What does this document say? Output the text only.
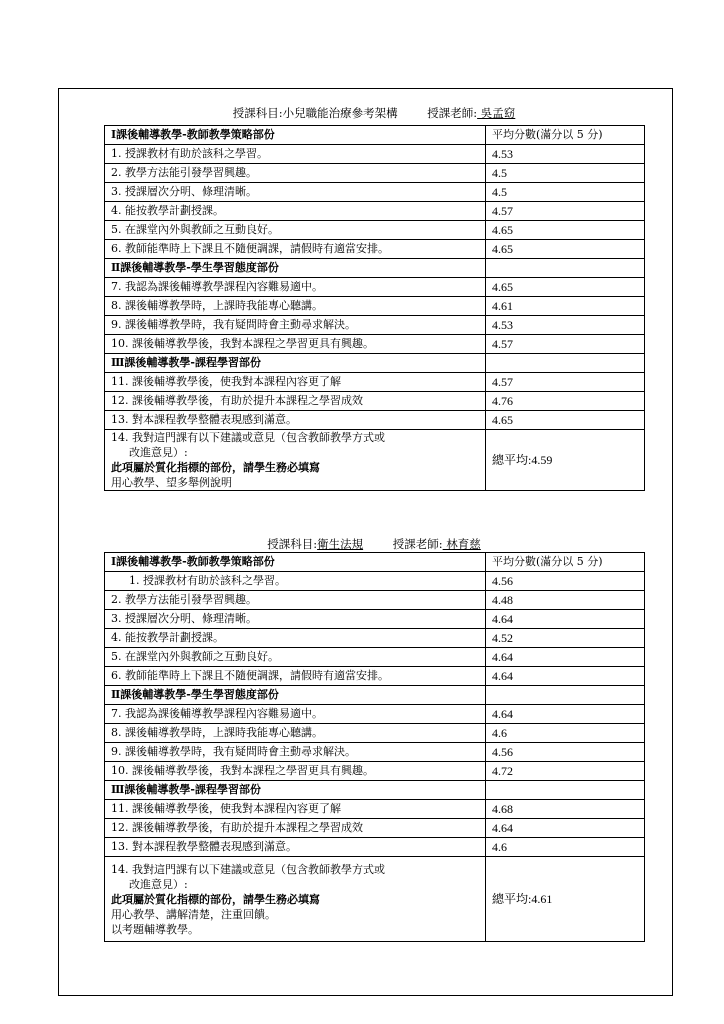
授課科目:小兒職能治療參考架構	授課老師: 吳孟窈
Ⅰ課後輔導教學-教師教學策略部份	平均分數(滿分以 5 分)
1. 授課教材有助於該科之學習。	4.53
2. 教學方法能引發學習興趣。	4.5
3. 授課層次分明、條理清晰。	4.5
4. 能按教學計劃授課。	4.57
5. 在課堂內外與教師之互動良好。	4.65
6. 教師能準時上下課且不隨便調課，請假時有適當安排。	4.65
Ⅱ課後輔導教學-學生學習態度部份	
7. 我認為課後輔導教學課程內容難易適中。	4.65
8. 課後輔導教學時，上課時我能專心聽講。	4.61
9. 課後輔導教學時，我有疑問時會主動尋求解決。	4.53
10. 課後輔導教學後，我對本課程之學習更具有興趣。	4.57
Ⅲ課後輔導教學-課程學習部份	
11. 課後輔導教學後，使我對本課程內容更了解	4.57
12. 課後輔導教學後，有助於提升本課程之學習成效	4.76
13. 對本課程教學整體表現感到滿意。	4.65

14. 我對這門課有以下建議或意見（包含教師教學方式或
改進意見）:
此項屬於質化指標的部份，請學生務必填寫
用心教學、望多舉例說明	總平均:4.59
授課科目:衛生法規	授課老師: 林育慈
Ⅰ課後輔導教學-教師教學策略部份	平均分數(滿分以 5 分)
1. 授課教材有助於該科之學習。	4.56
2. 教學方法能引發學習興趣。	4.48
3. 授課層次分明、條理清晰。	4.64
4. 能按教學計劃授課。	4.52
5. 在課堂內外與教師之互動良好。	4.64
6. 教師能準時上下課且不隨便調課，請假時有適當安排。	4.64
Ⅱ課後輔導教學-學生學習態度部份	
7. 我認為課後輔導教學課程內容難易適中。	4.64
8. 課後輔導教學時，上課時我能專心聽講。	4.6
9. 課後輔導教學時，我有疑問時會主動尋求解決。	4.56
10. 課後輔導教學後，我對本課程之學習更具有興趣。	4.72
Ⅲ課後輔導教學-課程學習部份	
11. 課後輔導教學後，使我對本課程內容更了解	4.68
12. 課後輔導教學後，有助於提升本課程之學習成效	4.64
13. 對本課程教學整體表現感到滿意。	4.6

14. 我對這門課有以下建議或意見（包含教師教學方式或
改進意見）:
此項屬於質化指標的部份，請學生務必填寫
用心教學、講解清楚，注重回饋。
以考題輔導教學。	總平均:4.61
